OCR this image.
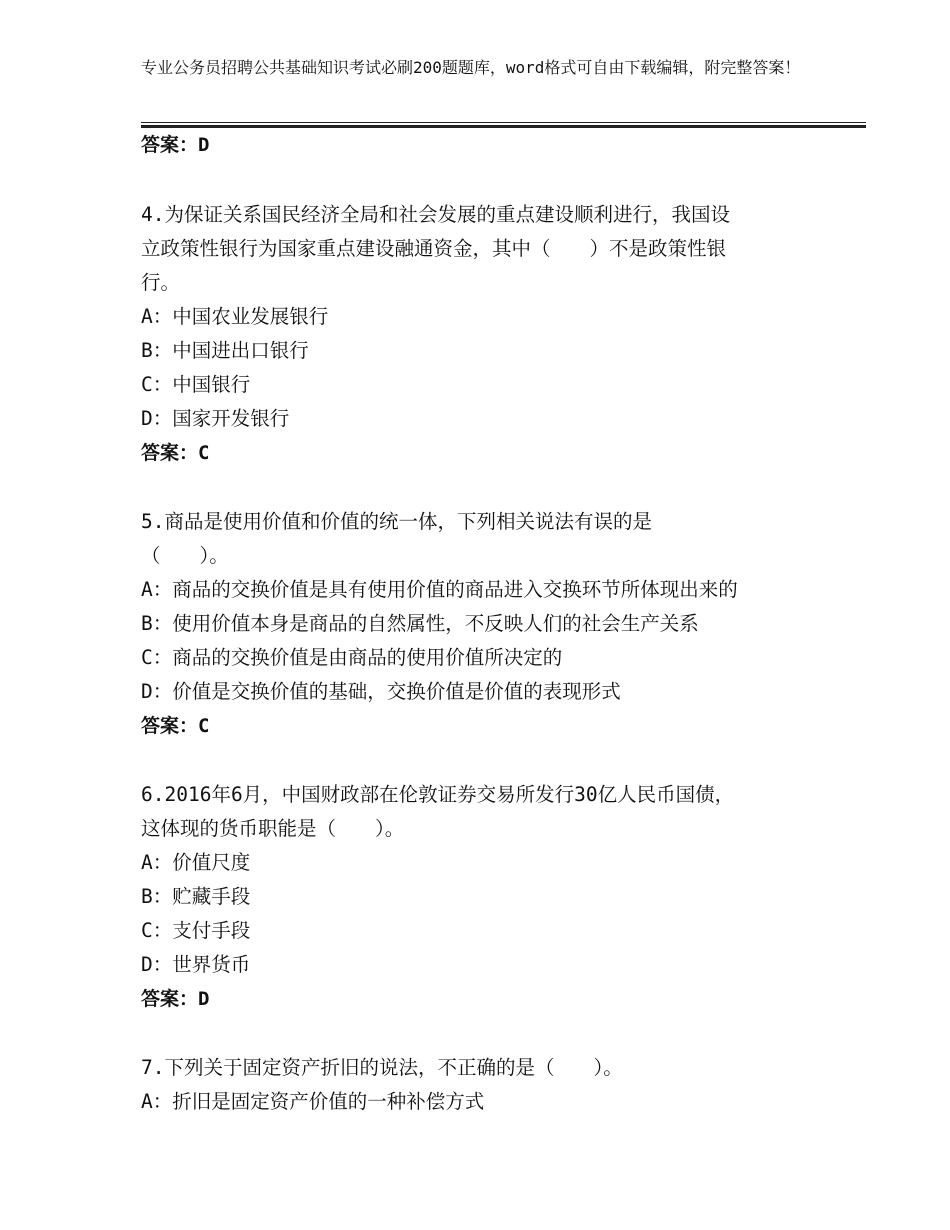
专业公务员招聘公共基础知识考试必刷200题题库，word格式可自由下载编辑，附完整答案！
答案：D
4.为保证关系国民经济全局和社会发展的重点建设顺利进行，我国设
立政策性银行为国家重点建设融通资金，其中（　　）不是政策性银
行。
A：中国农业发展银行
B：中国进出口银行
C：中国银行
D：国家开发银行
答案：C
5.商品是使用价值和价值的统一体，下列相关说法有误的是
（　　）。
A：商品的交换价值是具有使用价值的商品进入交换环节所体现出来的
B：使用价值本身是商品的自然属性，不反映人们的社会生产关系
C：商品的交换价值是由商品的使用价值所决定的
D：价值是交换价值的基础，交换价值是价值的表现形式
答案：C
6.2016年6月，中国财政部在伦敦证券交易所发行30亿人民币国债，
这体现的货币职能是（　　）。
A：价值尺度
B：贮藏手段
C：支付手段
D：世界货币
答案：D
7.下列关于固定资产折旧的说法，不正确的是（　　）。
A：折旧是固定资产价值的一种补偿方式
